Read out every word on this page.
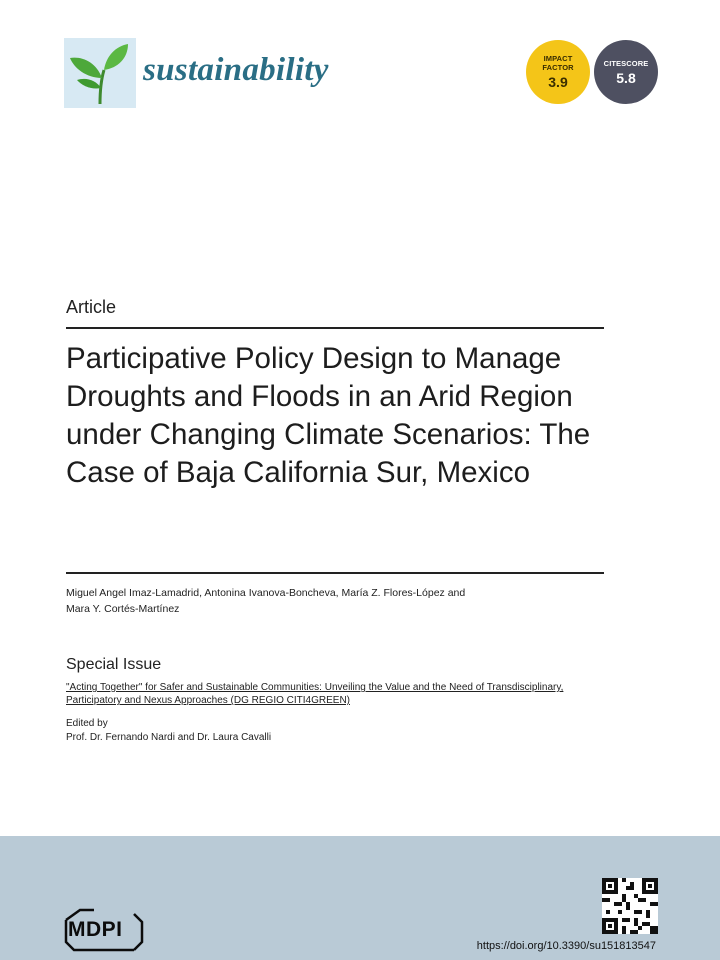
sustainability	IMPACT
FACTOR
3.9
CITESCORE
5.8
Article
Participative Policy Design to Manage Droughts and Floods in an Arid Region under Changing Climate Scenarios: The Case of Baja California Sur, Mexico
Miguel Angel Imaz-Lamadrid, Antonina Ivanova-Boncheva, María Z. Flores-López and
Mara Y. Cortés-Martínez
Special Issue
"Acting Together" for Safer and Sustainable Communities: Unveiling the Value and the Need of Transdisciplinary, Participatory and Nexus Approaches (DG REGIO CITI4GREEN)
Edited by
Prof. Dr. Fernando Nardi and Dr. Laura Cavalli
MDPI
https://doi.org/10.3390/su151813547
